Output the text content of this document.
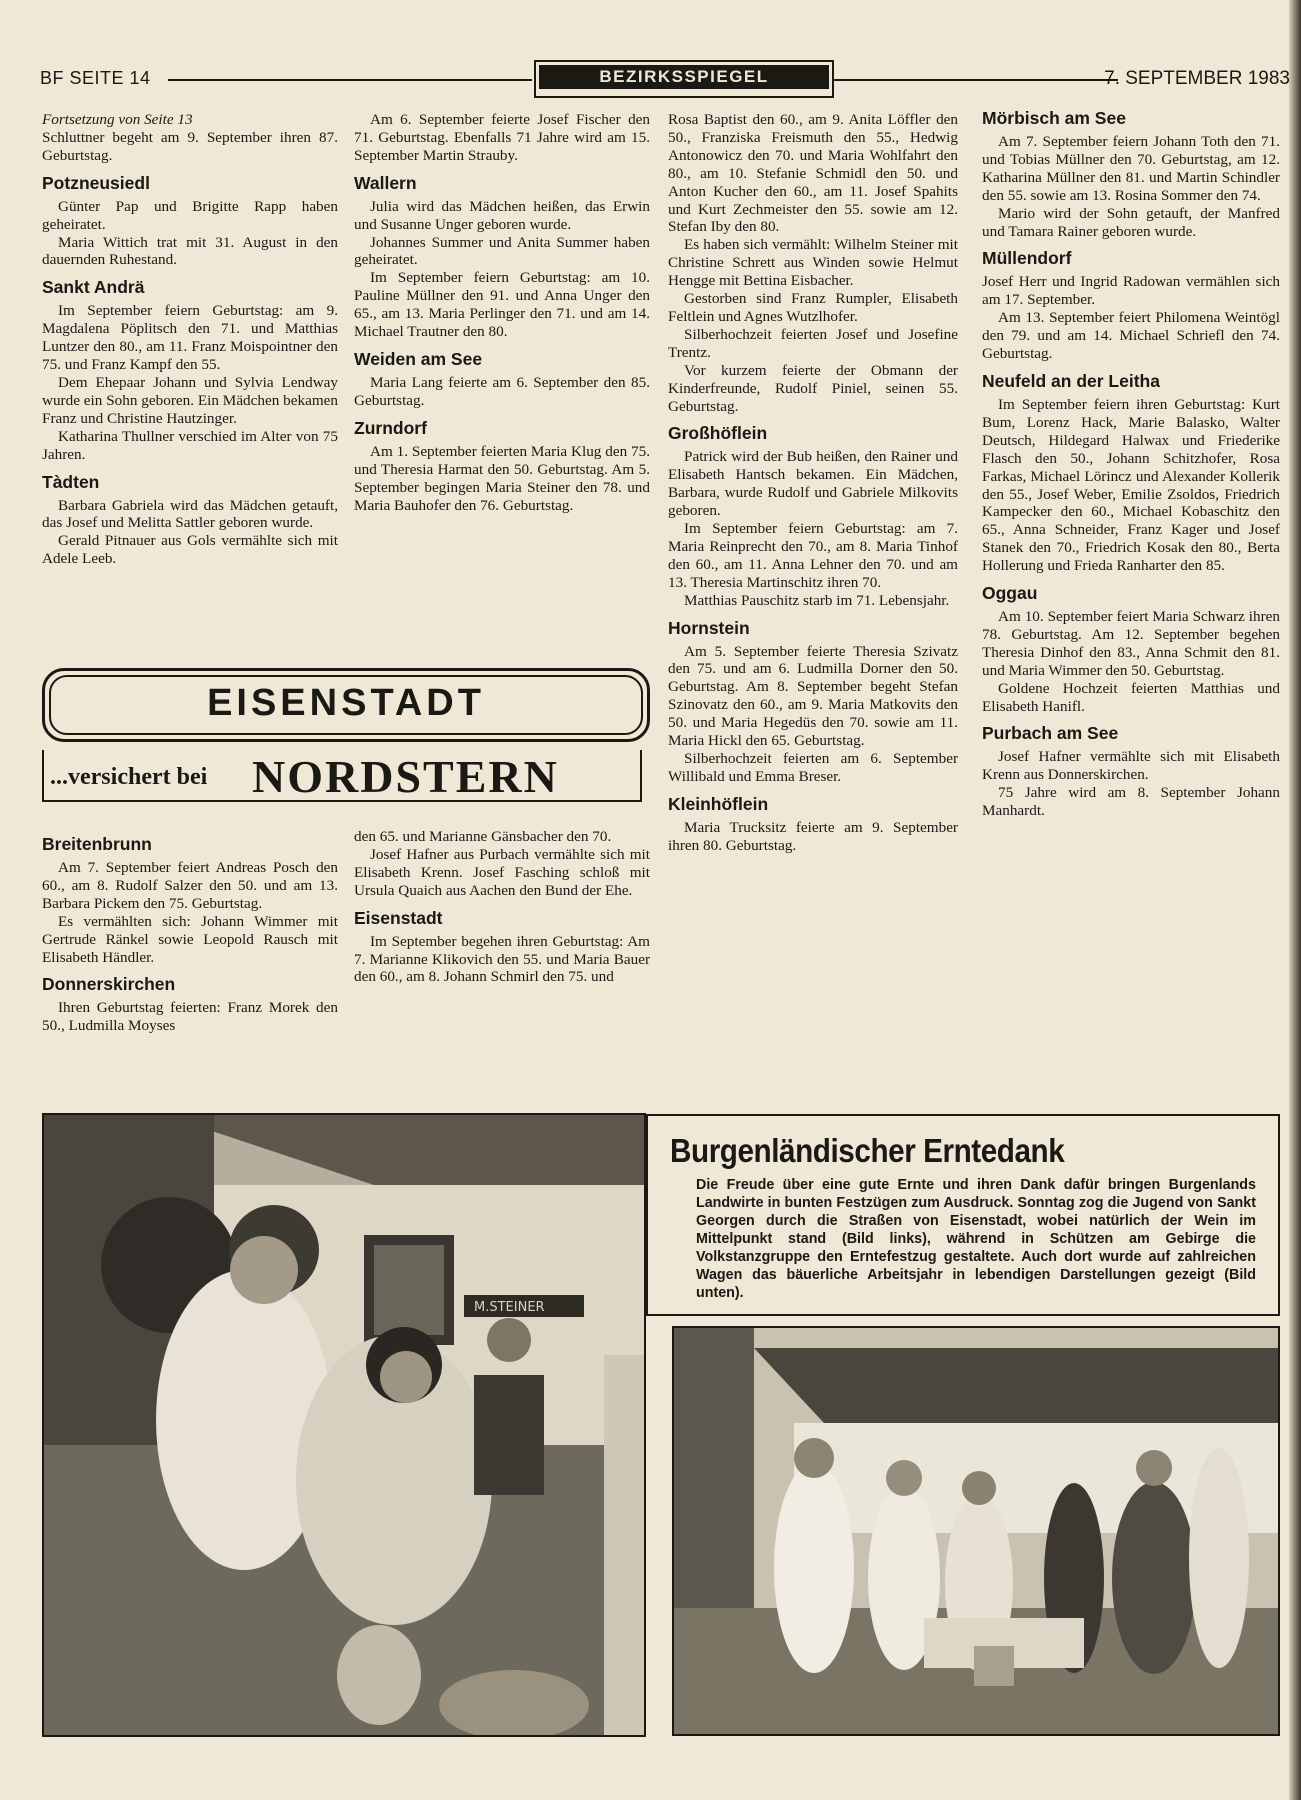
BF SEITE 14	BEZIRKSSPIEGEL	7. SEPTEMBER 1983

Fortsetzung von Seite 13

Schluttner begeht am 9. September ihren 87. Geburtstag.

Potzneusiedl

Günter Pap und Brigitte Rapp haben geheiratet.

Maria Wittich trat mit 31. August in den dauernden Ruhestand.

Sankt Andrä

Im September feiern Geburtstag: am 9. Magdalena Pöplitsch den 71. und Matthias Luntzer den 80., am 11. Franz Moispointner den 75. und Franz Kampf den 55.

Dem Ehepaar Johann und Sylvia Lendway wurde ein Sohn geboren. Ein Mädchen bekamen Franz und Christine Hautzinger.

Katharina Thullner verschied im Alter von 75 Jahren.

Tàdten

Barbara Gabriela wird das Mädchen getauft, das Josef und Melitta Sattler geboren wurde.

Gerald Pitnauer aus Gols vermählte sich mit Adele Leeb.

Am 6. September feierte Josef Fischer den 71. Geburtstag. Ebenfalls 71 Jahre wird am 15. September Martin Strauby.

Wallern

Julia wird das Mädchen heißen, das Erwin und Susanne Unger geboren wurde.

Johannes Summer und Anita Summer haben geheiratet.

Im September feiern Geburtstag: am 10. Pauline Müllner den 91. und Anna Unger den 65., am 13. Maria Perlinger den 71. und am 14. Michael Trautner den 80.

Weiden am See

Maria Lang feierte am 6. September den 85. Geburtstag.

Zurndorf

Am 1. September feierten Maria Klug den 75. und Theresia Harmat den 50. Geburtstag. Am 5. September begingen Maria Steiner den 78. und Maria Bauhofer den 76. Geburtstag.

Rosa Baptist den 60., am 9. Anita Löffler den 50., Franziska Freismuth den 55., Hedwig Antonowicz den 70. und Maria Wohlfahrt den 80., am 10. Stefanie Schmidl den 50. und Anton Kucher den 60., am 11. Josef Spahits und Kurt Zechmeister den 55. sowie am 12. Stefan Iby den 80.

Es haben sich vermählt: Wilhelm Steiner mit Christine Schrett aus Winden sowie Helmut Hengge mit Bettina Eisbacher.

Gestorben sind Franz Rumpler, Elisabeth Feltlein und Agnes Wutzlhofer.

Silberhochzeit feierten Josef und Josefine Trentz.

Vor kurzem feierte der Obmann der Kinderfreunde, Rudolf Piniel, seinen 55. Geburtstag.

Großhöflein

Patrick wird der Bub heißen, den Rainer und Elisabeth Hantsch bekamen. Ein Mädchen, Barbara, wurde Rudolf und Gabriele Milkovits geboren.

Im September feiern Geburtstag: am 7. Maria Reinprecht den 70., am 8. Maria Tinhof den 60., am 11. Anna Lehner den 70. und am 13. Theresia Martinschitz ihren 70.

Matthias Pauschitz starb im 71. Lebensjahr.

Hornstein

Am 5. September feierte Theresia Szivatz den 75. und am 6. Ludmilla Dorner den 50. Geburtstag. Am 8. September begeht Stefan Szinovatz den 60., am 9. Maria Matkovits den 50. und Maria Hegedüs den 70. sowie am 11. Maria Hickl den 65. Geburtstag.

Silberhochzeit feierten am 6. September Willibald und Emma Breser.

Kleinhöflein

Maria Trucksitz feierte am 9. September ihren 80. Geburtstag.

Mörbisch am See

Am 7. September feiern Johann Toth den 71. und Tobias Müllner den 70. Geburtstag, am 12. Katharina Müllner den 81. und Martin Schindler den 55. sowie am 13. Rosina Sommer den 74.

Mario wird der Sohn getauft, der Manfred und Tamara Rainer geboren wurde.

Müllendorf

Josef Herr und Ingrid Radowan vermählen sich am 17. September.

Am 13. September feiert Philomena Weintögl den 79. und am 14. Michael Schriefl den 74. Geburtstag.

Neufeld an der Leitha

Im September feiern ihren Geburtstag: Kurt Bum, Lorenz Hack, Marie Balasko, Walter Deutsch, Hildegard Halwax und Friederike Flasch den 50., Johann Schitzhofer, Rosa Farkas, Michael Lörincz und Alexander Kollerik den 55., Josef Weber, Emilie Zsoldos, Friedrich Kampecker den 60., Michael Kobaschitz den 65., Anna Schneider, Franz Kager und Josef Stanek den 70., Friedrich Kosak den 80., Berta Hollerung und Frieda Ranharter den 85.

Oggau

Am 10. September feiert Maria Schwarz ihren 78. Geburtstag. Am 12. September begehen Theresia Dinhof den 83., Anna Schmit den 81. und Maria Wimmer den 50. Geburtstag.

Goldene Hochzeit feierten Matthias und Elisabeth Hanifl.

Purbach am See

Josef Hafner vermählte sich mit Elisabeth Krenn aus Donnerskirchen.

75 Jahre wird am 8. September Johann Manhardt.

EISENSTADT
...versichert bei NORDSTERN
Breitenbrunn

Am 7. September feiert Andreas Posch den 60., am 8. Rudolf Salzer den 50. und am 13. Barbara Pickem den 75. Geburtstag.

Es vermählten sich: Johann Wimmer mit Gertrude Ränkel sowie Leopold Rausch mit Elisabeth Händler.

Donnerskirchen

Ihren Geburtstag feierten: Franz Morek den 50., Ludmilla Moyses

den 65. und Marianne Gänsbacher den 70.

Josef Hafner aus Purbach vermählte sich mit Elisabeth Krenn. Josef Fasching schloß mit Ursula Quaich aus Aachen den Bund der Ehe.

Eisenstadt

Im September begehen ihren Geburtstag: Am 7. Marianne Klikovich den 55. und Maria Bauer den 60., am 8. Johann Schmirl den 75. und

M.STEINER
Burgenländischer Erntedank

Die Freude über eine gute Ernte und ihren Dank dafür bringen Burgenlands Landwirte in bunten Festzügen zum Ausdruck. Sonntag zog die Jugend von Sankt Georgen durch die Straßen von Eisenstadt, wobei natürlich der Wein im Mittelpunkt stand (Bild links), während in Schützen am Gebirge die Volkstanzgruppe den Erntefestzug gestaltete. Auch dort wurde auf zahlreichen Wagen das bäuerliche Arbeitsjahr in lebendigen Darstellungen gezeigt (Bild unten).
